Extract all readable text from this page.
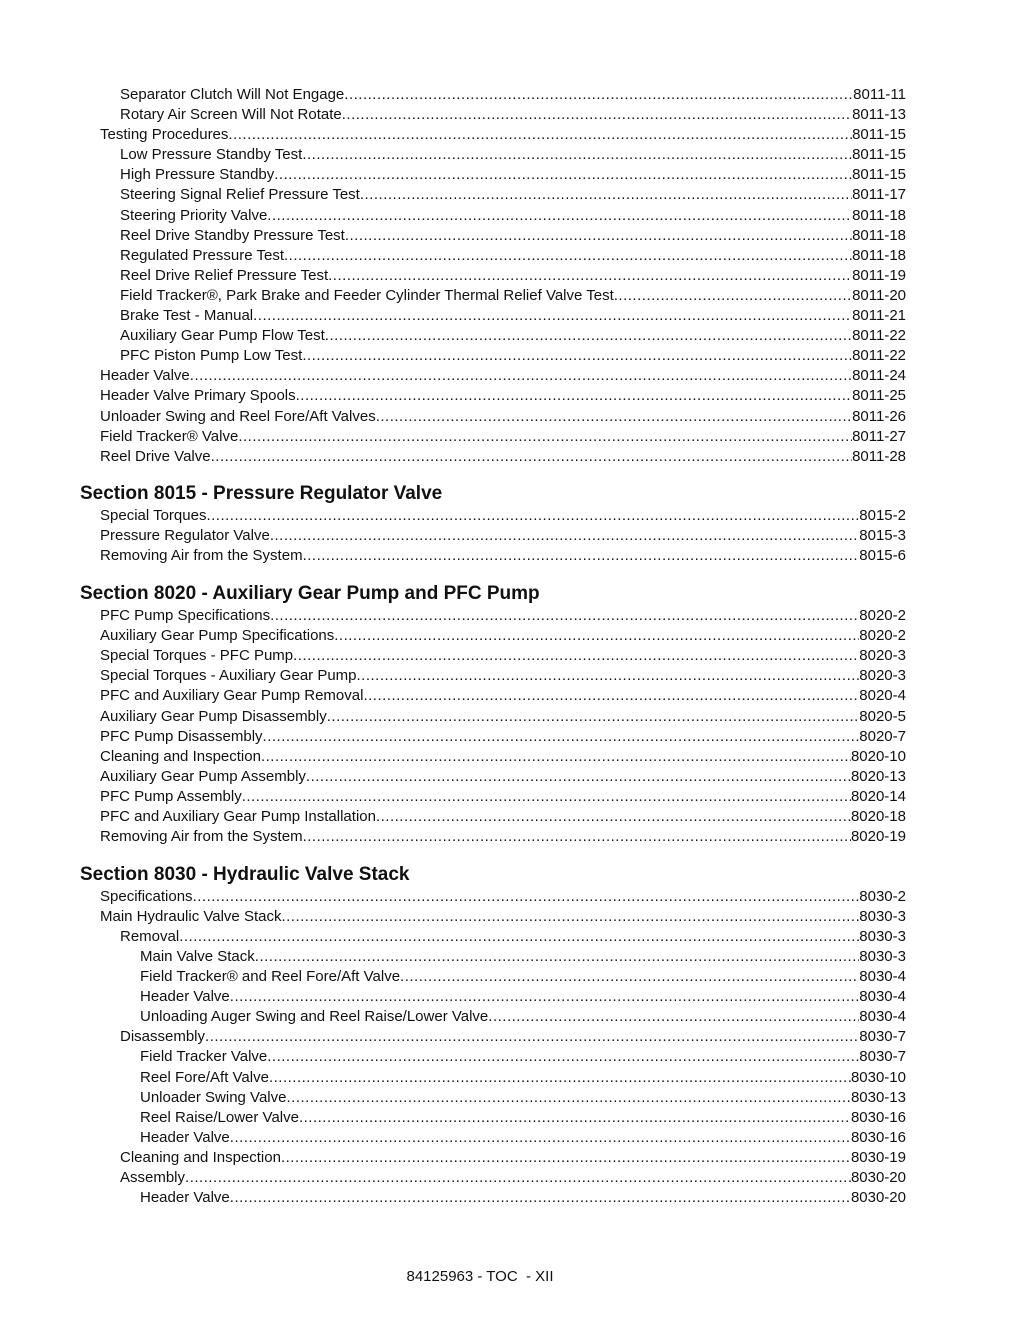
Separator Clutch Will Not Engage .....	8011-11
Rotary Air Screen Will Not Rotate .....	8011-13
Testing Procedures .....	8011-15
Low Pressure Standby Test .....	8011-15
High Pressure Standby .....	8011-15
Steering Signal Relief Pressure Test .....	8011-17
Steering Priority Valve .....	8011-18
Reel Drive Standby Pressure Test .....	8011-18
Regulated Pressure Test .....	8011-18
Reel Drive Relief Pressure Test .....	8011-19
Field Tracker®, Park Brake and Feeder Cylinder Thermal Relief Valve Test .....	8011-20
Brake Test - Manual .....	8011-21
Auxiliary Gear Pump Flow Test .....	8011-22
PFC Piston Pump Low Test .....	8011-22
Header Valve .....	8011-24
Header Valve Primary Spools .....	8011-25
Unloader Swing and Reel Fore/Aft Valves .....	8011-26
Field Tracker® Valve .....	8011-27
Reel Drive Valve .....	8011-28
Section 8015 - Pressure Regulator Valve
Special Torques .....	8015-2
Pressure Regulator Valve .....	8015-3
Removing Air from the System .....	8015-6
Section 8020 - Auxiliary Gear Pump and PFC Pump
PFC Pump Specifications .....	8020-2
Auxiliary Gear Pump Specifications .....	8020-2
Special Torques - PFC Pump .....	8020-3
Special Torques - Auxiliary Gear Pump .....	8020-3
PFC and Auxiliary Gear Pump Removal .....	8020-4
Auxiliary Gear Pump Disassembly .....	8020-5
PFC Pump Disassembly .....	8020-7
Cleaning and Inspection .....	8020-10
Auxiliary Gear Pump Assembly .....	8020-13
PFC Pump Assembly .....	8020-14
PFC and Auxiliary Gear Pump Installation .....	8020-18
Removing Air from the System .....	8020-19
Section 8030 - Hydraulic Valve Stack
Specifications .....	8030-2
Main Hydraulic Valve Stack .....	8030-3
Removal .....	8030-3
Main Valve Stack .....	8030-3
Field Tracker® and Reel Fore/Aft Valve .....	8030-4
Header Valve .....	8030-4
Unloading Auger Swing and Reel Raise/Lower Valve .....	8030-4
Disassembly .....	8030-7
Field Tracker Valve .....	8030-7
Reel Fore/Aft Valve .....	8030-10
Unloader Swing Valve .....	8030-13
Reel Raise/Lower Valve .....	8030-16
Header Valve .....	8030-16
Cleaning and Inspection .....	8030-19
Assembly .....	8030-20
Header Valve .....	8030-20
84125963 - TOC  - XII
